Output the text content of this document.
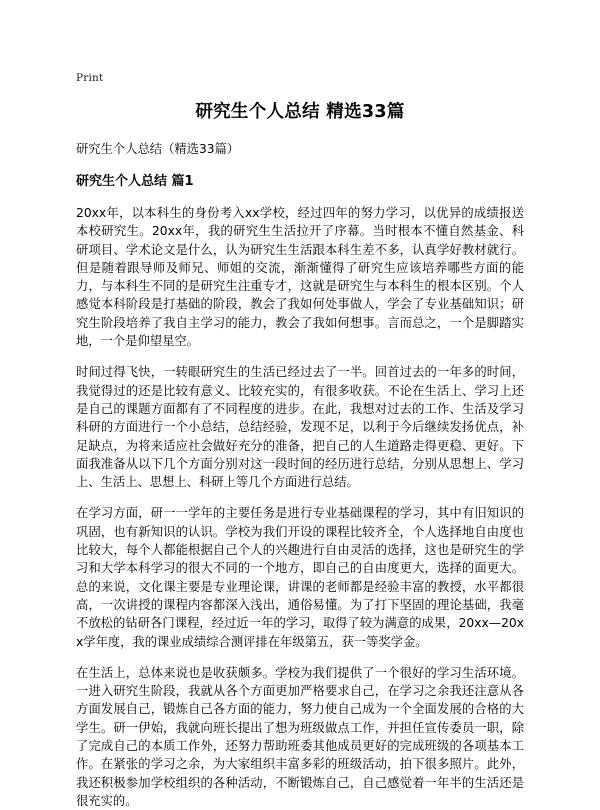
Print
研究生个人总结 精选33篇
研究生个人总结（精选33篇）
研究生个人总结 篇1

20xx年，以本科生的身份考入xx学校，经过四年的努力学习，以优异的成绩报送本校研究生。20xx年，我的研究生生活拉开了序幕。当时根本不懂自然基金、科研项目、学术论文是什么，认为研究生生活跟本科生差不多，认真学好教材就行。但是随着跟导师及师兄、师姐的交流，渐渐懂得了研究生应该培养哪些方面的能力，与本科生不同的是研究生注重专才，这就是研究生与本科生的根本区别。个人感觉本科阶段是打基础的阶段，教会了我如何处事做人，学会了专业基础知识；研究生阶段培养了我自主学习的能力，教会了我如何想事。言而总之，一个是脚踏实地，一个是仰望星空。

时间过得飞快，一转眼研究生的生活已经过去了一半。回首过去的一年多的时间，我觉得过的还是比较有意义、比较充实的，有很多收获。不论在生活上、学习上还是自己的课题方面都有了不同程度的进步。在此，我想对过去的工作、生活及学习科研的方面进行一个小总结，总结经验，发现不足，以利于今后继续发扬优点，补足缺点，为将来适应社会做好充分的准备，把自己的人生道路走得更稳、更好。下面我准备从以下几个方面分别对这一段时间的经历进行总结，分别从思想上、学习上、生活上、思想上、科研上等几个方面进行总结。

在学习方面，研一一学年的主要任务是进行专业基础课程的学习，其中有旧知识的巩固，也有新知识的认识。学校为我们开设的课程比较齐全，个人选择地自由度也比较大，每个人都能根据自己个人的兴趣进行自由灵活的选择，这也是研究生的学习和大学本科学习的很大不同的一个地方，即自己的自由度更大，选择的面更大。总的来说，文化课主要是专业理论课，讲课的老师都是经验丰富的教授，水平都很高，一次讲授的课程内容都深入浅出，通俗易懂。为了打下坚固的理论基础，我毫不放松的钻研各门课程，经过近一年的学习，取得了较为满意的成果，20xx—20xx学年度，我的课业成绩综合测评排在年级第五，获一等奖学金。

在生活上，总体来说也是收获颇多。学校为我们提供了一个很好的学习生活环境。一进入研究生阶段，我就从各个方面更加严格要求自己，在学习之余我还注意从各方面发展自己，锻炼自己各方面的能力，努力使自己成为一个全面发展的合格的大学生。研一伊始，我就向班长提出了想为班级做点工作，并担任宣传委员一职，除了完成自己的本质工作外，还努力帮助班委其他成员更好的完成班级的各项基本工作。在紧张的学习之余，为大家组织丰富多彩的班级活动，拍下很多照片。此外，我还积极参加学校组织的各种活动，不断锻炼自己，自己感觉着一年半的生活还是很充实的。
